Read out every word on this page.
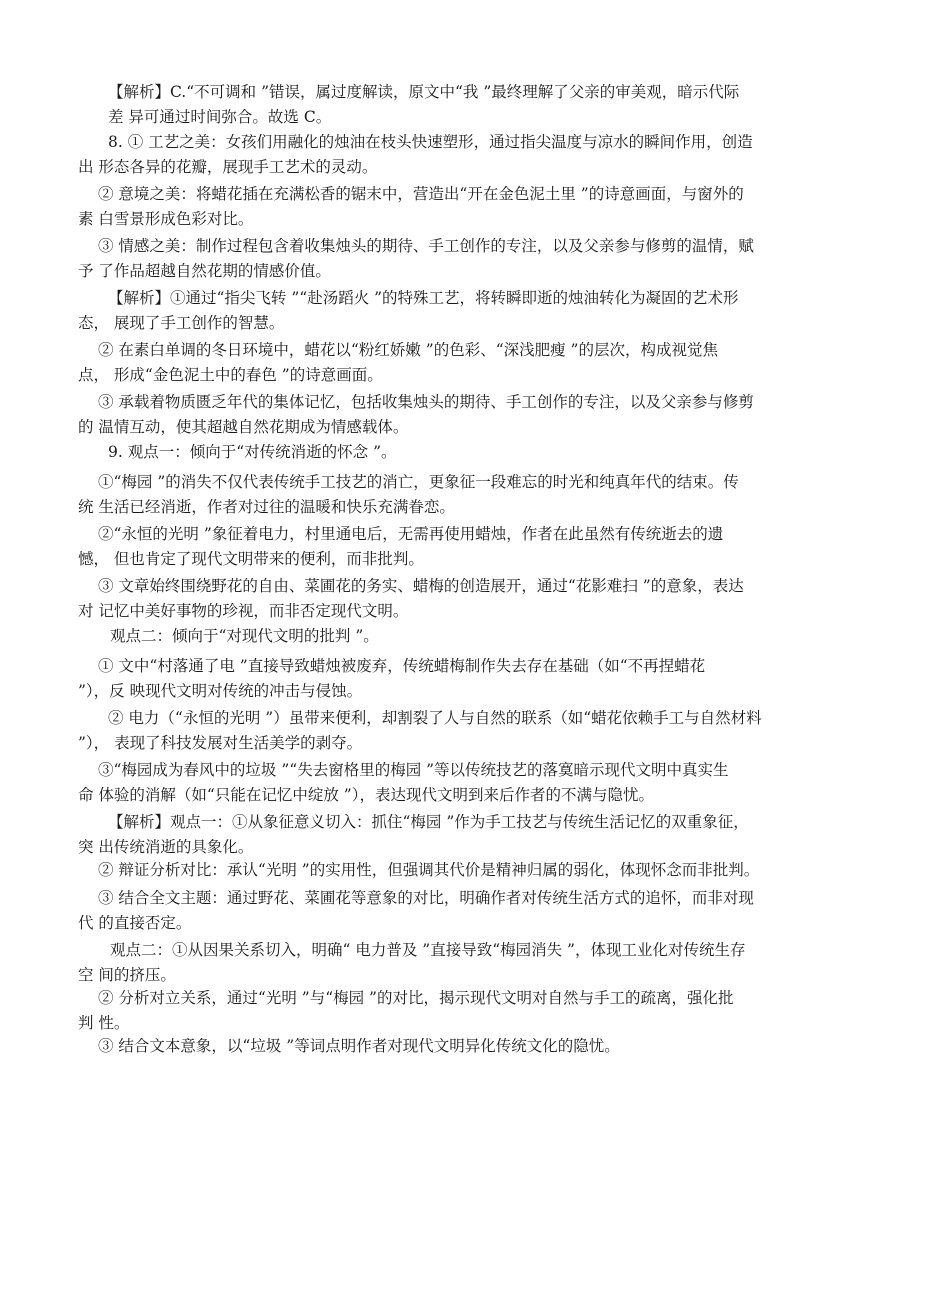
【解析】C.“不可调和 ”错误，属过度解读，原文中“我 ”最终理解了父亲的审美观，暗示代际
差 异可通过时间弥合。故选 C。
8. ① 工艺之美：女孩们用融化的烛油在枝头快速塑形，通过指尖温度与凉水的瞬间作用，创造
出 形态各异的花瓣，展现手工艺术的灵动。
② 意境之美：将蜡花插在充满松香的锯末中，营造出“开在金色泥土里 ”的诗意画面，与窗外的
素 白雪景形成色彩对比。
③ 情感之美：制作过程包含着收集烛头的期待、手工创作的专注，以及父亲参与修剪的温情，赋
予 了作品超越自然花期的情感价值。
【解析】①通过“指尖飞转 ”“赴汤蹈火 ”的特殊工艺，将转瞬即逝的烛油转化为凝固的艺术形
态， 展现了手工创作的智慧。
② 在素白单调的冬日环境中，蜡花以“粉红娇嫩 ”的色彩、“深浅肥瘦 ”的层次，构成视觉焦
点， 形成“金色泥土中的春色 ”的诗意画面。
③ 承载着物质匮乏年代的集体记忆，包括收集烛头的期待、手工创作的专注，以及父亲参与修剪
的 温情互动，使其超越自然花期成为情感载体。
9. 观点一：倾向于“对传统消逝的怀念 ”。
①“梅园 ”的消失不仅代表传统手工技艺的消亡，更象征一段难忘的时光和纯真年代的结束。传
统 生活已经消逝，作者对过往的温暖和快乐充满眷恋。
②“永恒的光明 ”象征着电力，村里通电后，无需再使用蜡烛，作者在此虽然有传统逝去的遗
憾， 但也肯定了现代文明带来的便利，而非批判。
③ 文章始终围绕野花的自由、菜圃花的务实、蜡梅的创造展开，通过“花影难扫 ”的意象，表达
对 记忆中美好事物的珍视，而非否定现代文明。
观点二：倾向于“对现代文明的批判 ”。
① 文中“村落通了电 ”直接导致蜡烛被废弃，传统蜡梅制作失去存在基础（如“不再捏蜡花
”），反 映现代文明对传统的冲击与侵蚀。
② 电力（“永恒的光明 ”）虽带来便利，却割裂了人与自然的联系（如“蜡花依赖手工与自然材料
”）， 表现了科技发展对生活美学的剥夺。
③“梅园成为春风中的垃圾 ”“失去窗格里的梅园 ”等以传统技艺的落寞暗示现代文明中真实生
命 体验的消解（如“只能在记忆中绽放 ”），表达现代文明到来后作者的不满与隐忧。
【解析】观点一：①从象征意义切入：抓住“梅园 ”作为手工技艺与传统生活记忆的双重象征，
突 出传统消逝的具象化。
② 辩证分析对比：承认“光明 ”的实用性，但强调其代价是精神归属的弱化，体现怀念而非批判。
③ 结合全文主题：通过野花、菜圃花等意象的对比，明确作者对传统生活方式的追怀，而非对现
代 的直接否定。
观点二：①从因果关系切入，明确“ 电力普及 ”直接导致“梅园消失 ”，体现工业化对传统生存
空 间的挤压。
② 分析对立关系，通过“光明 ”与“梅园 ”的对比，揭示现代文明对自然与手工的疏离，强化批
判 性。
③ 结合文本意象，以“垃圾 ”等词点明作者对现代文明异化传统文化的隐忧。
